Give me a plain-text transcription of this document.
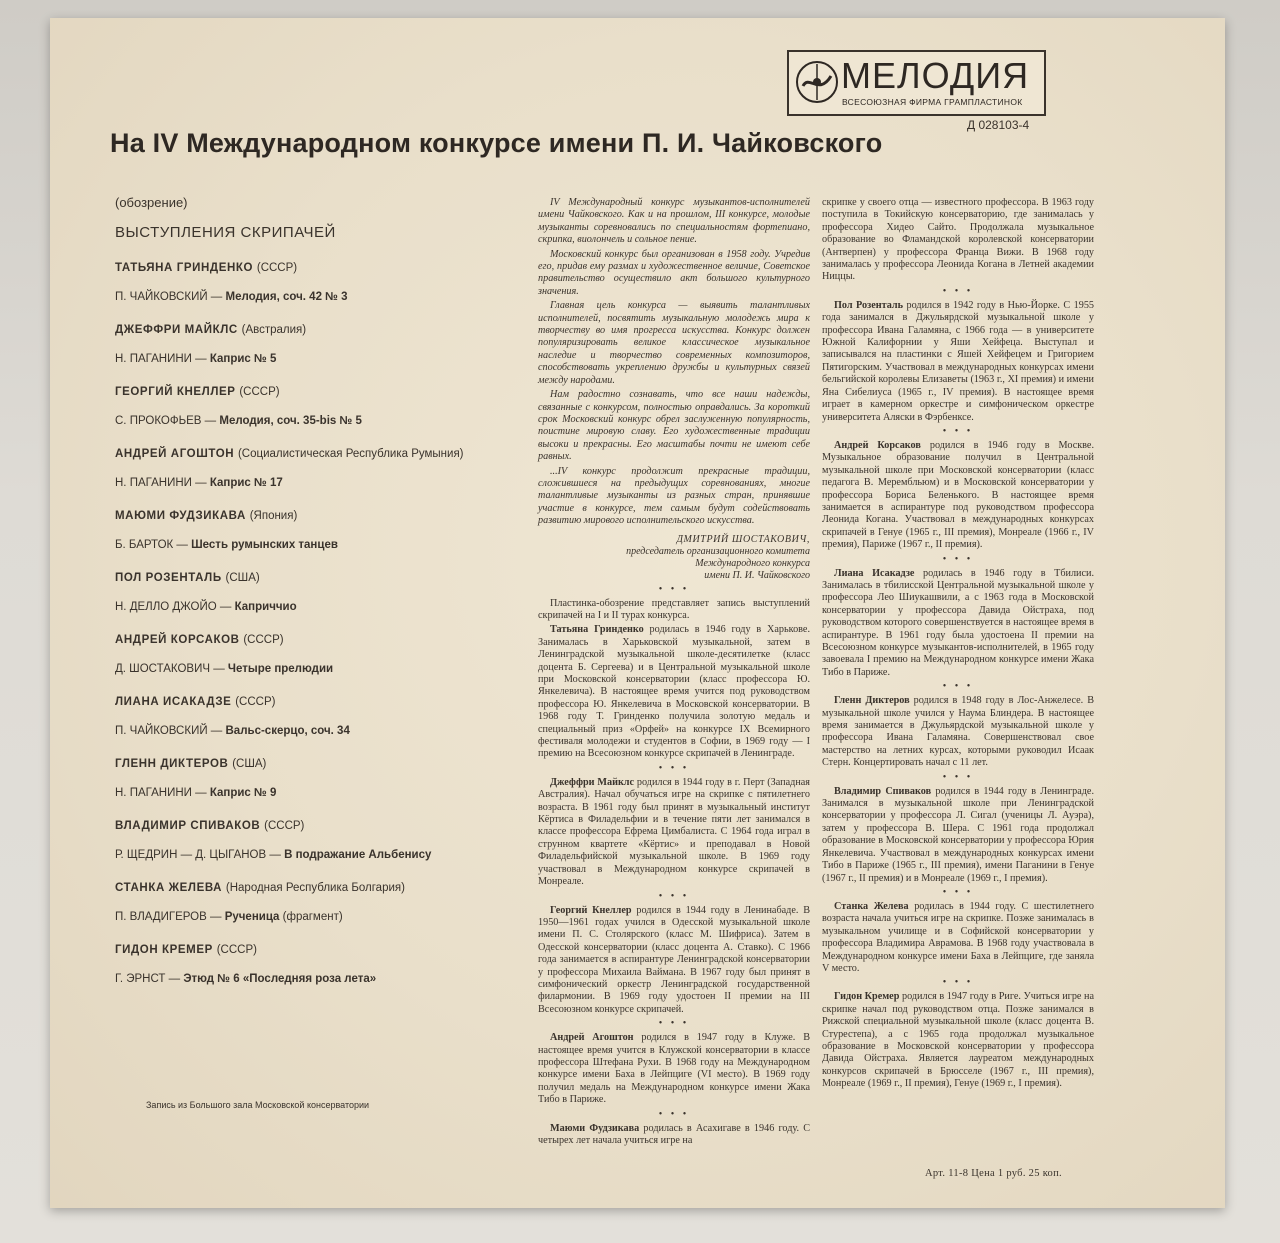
МЕЛОДИЯ
ВСЕСОЮЗНАЯ ФИРМА ГРАМПЛАСТИНОК
Д 028103-4
На IV Международном конкурсе имени П. И. Чайковского
(обозрение)
ВЫСТУПЛЕНИЯ СКРИПАЧЕЙ
ТАТЬЯНА ГРИНДЕНКО (СССР)
П. ЧАЙКОВСКИЙ — Мелодия, соч. 42 № 3
ДЖЕФФРИ МАЙКЛС (Австралия)
Н. ПАГАНИНИ — Каприс № 5
ГЕОРГИЙ КНЕЛЛЕР (СССР)
С. ПРОКОФЬЕВ — Мелодия, соч. 35-bis № 5
АНДРЕЙ АГОШТОН (Социалистическая Республика Румыния)
Н. ПАГАНИНИ — Каприс № 17
МАЮМИ ФУДЗИКАВА (Япония)
Б. БАРТОК — Шесть румынских танцев
ПОЛ РОЗЕНТАЛЬ (США)
Н. ДЕЛЛО ДЖОЙО — Каприччио
АНДРЕЙ КОРСАКОВ (СССР)
Д. ШОСТАКОВИЧ — Четыре прелюдии
ЛИАНА ИСАКАДЗЕ (СССР)
П. ЧАЙКОВСКИЙ — Вальс-скерцо, соч. 34
ГЛЕНН ДИКТЕРОВ (США)
Н. ПАГАНИНИ — Каприс № 9
ВЛАДИМИР СПИВАКОВ (СССР)
Р. ЩЕДРИН — Д. ЦЫГАНОВ — В подражание Альбенису
СТАНКА ЖЕЛЕВА (Народная Республика Болгария)
П. ВЛАДИГЕРОВ — Рученица (фрагмент)
ГИДОН КРЕМЕР (СССР)
Г. ЭРНСТ — Этюд № 6 «Последняя роза лета»
Запись из Большого зала Московской консерватории

IV Международный конкурс музыкантов-исполнителей имени Чайковского. Как и на прошлом, III конкурсе, молодые музыканты соревновались по специальностям фортепиано, скрипка, виолончель и сольное пение.

Московский конкурс был организован в 1958 году. Учредив его, придав ему размах и художественное величие, Советское правительство осуществило акт большого культурного значения.

Главная цель конкурса — выявить талантливых исполнителей, посвятить музыкальную молодежь мира к творчеству во имя прогресса искусства. Конкурс должен популяризировать великое классическое музыкальное наследие и творчество современных композиторов, способствовать укреплению дружбы и культурных связей между народами.

Нам радостно сознавать, что все наши надежды, связанные с конкурсом, полностью оправдались. За короткий срок Московский конкурс обрел заслуженную популярность, поистине мировую славу. Его художественные традиции высоки и прекрасны. Его масштабы почти не имеют себе равных.

...IV конкурс продолжит прекрасные традиции, сложившиеся на предыдущих соревнованиях, многие талантливые музыканты из разных стран, принявшие участие в конкурсе, тем самым будут содействовать развитию мирового исполнительского искусства.

ДМИТРИЙ ШОСТАКОВИЧ,
председатель организационного комитета
Международного конкурса
имени П. И. Чайковского
• • •

Пластинка-обозрение представляет запись выступлений скрипачей на I и II турах конкурса.

Татьяна Гринденко родилась в 1946 году в Харькове. Занималась в Харьковской музыкальной, затем в Ленинградской музыкальной школе-десятилетке (класс доцента Б. Сергеева) и в Центральной музыкальной школе при Московской консерватории (класс профессора Ю. Янкелевича). В настоящее время учится под руководством профессора Ю. Янкелевича в Московской консерватории. В 1968 году Т. Гринденко получила золотую медаль и специальный приз «Орфей» на конкурсе IX Всемирного фестиваля молодежи и студентов в Софии, в 1969 году — I премию на Всесоюзном конкурсе скрипачей в Ленинграде.

• • •

Джеффри Майклс родился в 1944 году в г. Перт (Западная Австралия). Начал обучаться игре на скрипке с пятилетнего возраста. В 1961 году был принят в музыкальный институт Кёртиса в Филадельфии и в течение пяти лет занимался в классе профессора Ефрема Цимбалиста. С 1964 года играл в струнном квартете «Кёртис» и преподавал в Новой Филадельфийской музыкальной школе. В 1969 году участвовал в Международном конкурсе скрипачей в Монреале.

• • •

Георгий Кнеллер родился в 1944 году в Ленинабаде. В 1950—1961 годах учился в Одесской музыкальной школе имени П. С. Столярского (класс М. Шифриса). Затем в Одесской консерватории (класс доцента А. Ставко). С 1966 года занимается в аспирантуре Ленинградской консерватории у профессора Михаила Ваймана. В 1967 году был принят в симфонический оркестр Ленинградской государственной филармонии. В 1969 году удостоен II премии на III Всесоюзном конкурсе скрипачей.

• • •

Андрей Агоштон родился в 1947 году в Клуже. В настоящее время учится в Клужской консерватории в классе профессора Штефана Рухи. В 1968 году на Международном конкурсе имени Баха в Лейпциге (VI место). В 1969 году получил медаль на Международном конкурсе имени Жака Тибо в Париже.

• • •

Маюми Фудзикава родилась в Асахигаве в 1946 году. С четырех лет начала учиться игре на

скрипке у своего отца — известного профессора. В 1963 году поступила в Токийскую консерваторию, где занималась у профессора Хидео Сайто. Продолжала музыкальное образование во Фламандской королевской консерватории (Антверпен) у профессора Франца Вижи. В 1968 году занималась у профессора Леонида Когана в Летней академии Ниццы.

• • •

Пол Розенталь родился в 1942 году в Нью-Йорке. С 1955 года занимался в Джульярдской музыкальной школе у профессора Ивана Галамяна, с 1966 года — в университете Южной Калифорнии у Яши Хейфеца. Выступал и записывался на пластинки с Яшей Хейфецем и Григорием Пятигорским. Участвовал в международных конкурсах имени бельгийской королевы Елизаветы (1963 г., XI премия) и имени Яна Сибелиуса (1965 г., IV премия). В настоящее время играет в камерном оркестре и симфоническом оркестре университета Аляски в Фэрбенксе.

• • •

Андрей Корсаков родился в 1946 году в Москве. Музыкальное образование получил в Центральной музыкальной школе при Московской консерватории (класс педагога В. Мерембльюм) и в Московской консерватории у профессора Бориса Беленького. В настоящее время занимается в аспирантуре под руководством профессора Леонида Когана. Участвовал в международных конкурсах скрипачей в Генуе (1965 г., III премия), Монреале (1966 г., IV премия), Париже (1967 г., II премия).

• • •

Лиана Исакадзе родилась в 1946 году в Тбилиси. Занималась в тбилисской Центральной музыкальной школе у профессора Лео Шиукашвили, а с 1963 года в Московской консерватории у профессора Давида Ойстраха, под руководством которого совершенствуется в настоящее время в аспирантуре. В 1961 году была удостоена II премии на Всесоюзном конкурсе музыкантов-исполнителей, в 1965 году завоевала I премию на Международном конкурсе имени Жака Тибо в Париже.

• • •

Гленн Диктеров родился в 1948 году в Лос-Анжелесе. В музыкальной школе учился у Наума Блиндера. В настоящее время занимается в Джульярдской музыкальной школе у профессора Ивана Галамяна. Совершенствовал свое мастерство на летних курсах, которыми руководил Исаак Стерн. Концертировать начал с 11 лет.

• • •

Владимир Спиваков родился в 1944 году в Ленинграде. Занимался в музыкальной школе при Ленинградской консерватории у профессора Л. Сигал (ученицы Л. Ауэра), затем у профессора В. Шера. С 1961 года продолжал образование в Московской консерватории у профессора Юрия Янкелевича. Участвовал в международных конкурсах имени Тибо в Париже (1965 г., III премия), имени Паганини в Генуе (1967 г., II премия) и в Монреале (1969 г., I премия).

• • •

Станка Желева родилась в 1944 году. С шестилетнего возраста начала учиться игре на скрипке. Позже занималась в музыкальном училище и в Софийской консерватории у профессора Владимира Аврамова. В 1968 году участвовала в Международном конкурсе имени Баха в Лейпциге, где заняла V место.

• • •

Гидон Кремер родился в 1947 году в Риге. Учиться игре на скрипке начал под руководством отца. Позже занимался в Рижской специальной музыкальной школе (класс доцента В. Стурестепа), а с 1965 года продолжал музыкальное образование в Московской консерватории у профессора Давида Ойстраха. Является лауреатом международных конкурсов скрипачей в Брюсселе (1967 г., III премия), Монреале (1969 г., II премия), Генуе (1969 г., I премия).

Арт. 11-8 Цена 1 руб. 25 коп.
